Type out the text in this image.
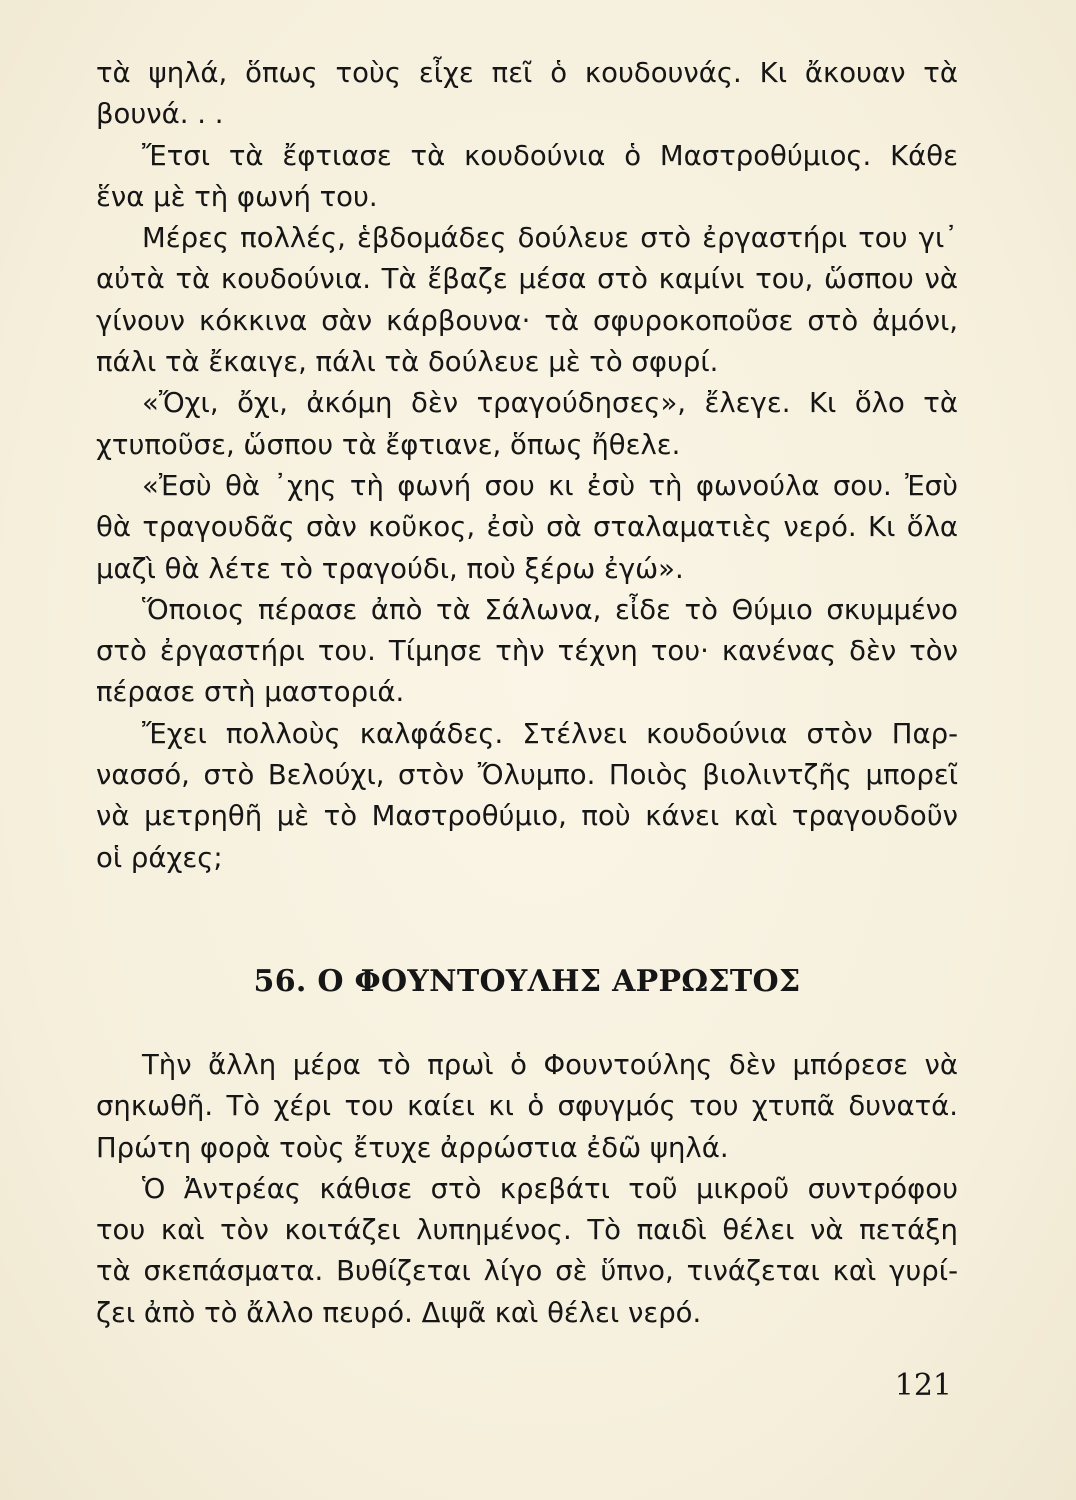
τὰ ψηλά, ὅπως τοὺς εἶχε πεῖ ὁ κουδουνάς. Κι ἄκουαν τὰ
βουνά. . .
Ἔτσι τὰ ἔφτιασε τὰ κουδούνια ὁ Μαστροθύμιος. Κάθε
ἕνα μὲ τὴ φωνή του.
Μέρες πολλές, ἑβδομάδες δούλευε στὸ ἐργαστήρι του γι᾽
αὐτὰ τὰ κουδούνια. Τὰ ἔβαζε μέσα στὸ καμίνι του, ὥσπου νὰ
γίνουν κόκκινα σὰν κάρβουνα· τὰ σφυροκοποῦσε στὸ ἀμόνι,
πάλι τὰ ἔκαιγε, πάλι τὰ δούλευε μὲ τὸ σφυρί.
«Ὄχι, ὄχι, ἀκόμη δὲν τραγούδησες», ἔλεγε. Κι ὅλο τὰ
χτυποῦσε, ὥσπου τὰ ἔφτιανε, ὅπως ἤθελε.
«Ἐσὺ θὰ ᾽χης τὴ φωνή σου κι ἐσὺ τὴ φωνούλα σου. Ἐσὺ
θὰ τραγουδᾶς σὰν κοῦκος, ἐσὺ σὰ σταλαματιὲς νερό. Κι ὅλα
μαζὶ θὰ λέτε τὸ τραγούδι, ποὺ ξέρω ἐγώ».
Ὅποιος πέρασε ἀπὸ τὰ Σάλωνα, εἶδε τὸ Θύμιο σκυμμένο
στὸ ἐργαστήρι του. Τίμησε τὴν τέχνη του· κανένας δὲν τὸν
πέρασε στὴ μαστοριά.
Ἔχει πολλοὺς καλφάδες. Στέλνει κουδούνια στὸν Παρ-
νασσό, στὸ Βελούχι, στὸν Ὄλυμπο. Ποιὸς βιολιντζῆς μπορεῖ
νὰ μετρηθῆ μὲ τὸ Μαστροθύμιο, ποὺ κάνει καὶ τραγουδοῦν
οἱ ράχες;
56. Ο ΦΟΥΝΤΟΥΛΗΣ ΑΡΡΩΣΤΟΣ
Τὴν ἄλλη μέρα τὸ πρωὶ ὁ Φουντούλης δὲν μπόρεσε νὰ
σηκωθῆ. Τὸ χέρι του καίει κι ὁ σφυγμός του χτυπᾶ δυνατά.
Πρώτη φορὰ τοὺς ἔτυχε ἀρρώστια ἐδῶ ψηλά.
Ὁ Ἀντρέας κάθισε στὸ κρεβάτι τοῦ μικροῦ συντρόφου
του καὶ τὸν κοιτάζει λυπημένος. Τὸ παιδὶ θέλει νὰ πετάξη
τὰ σκεπάσματα. Βυθίζεται λίγο σὲ ὕπνο, τινάζεται καὶ γυρί-
ζει ἀπὸ τὸ ἄλλο πευρό. Διψᾶ καὶ θέλει νερό.
121
